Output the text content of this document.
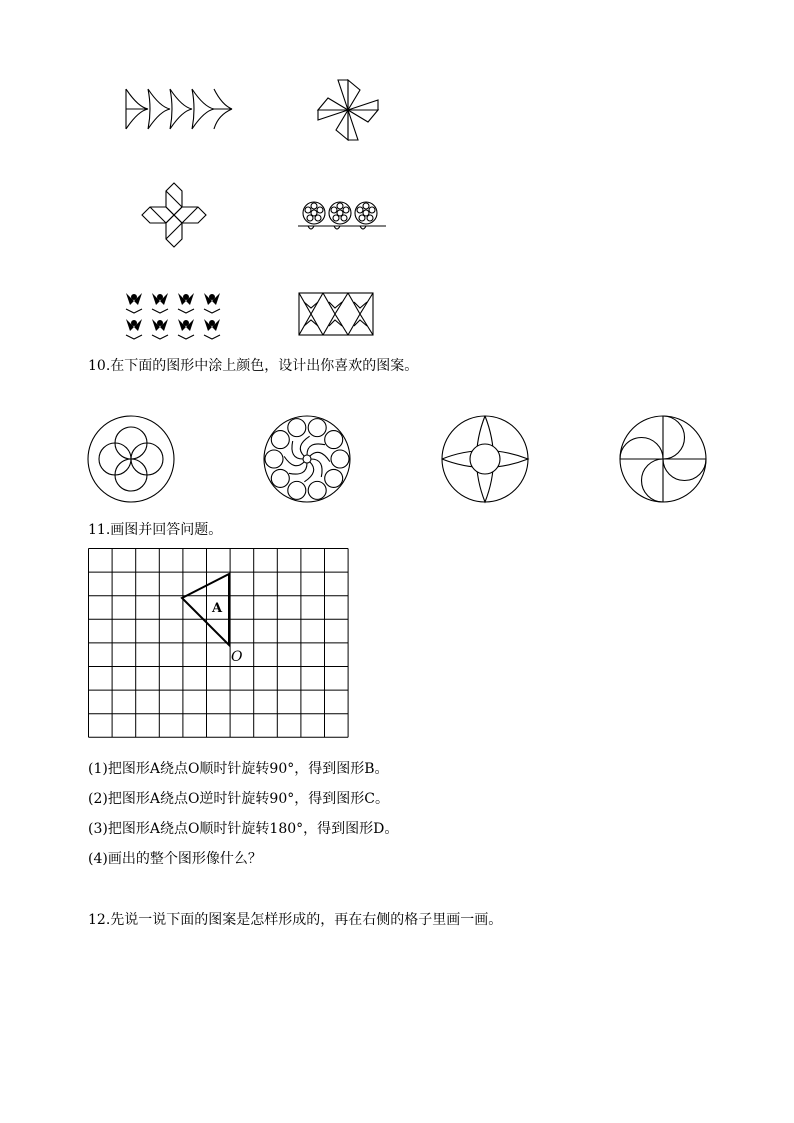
10.在下面的图形中涂上颜色，设计出你喜欢的图案。
11.画图并回答问题。
A
O
(1)把图形A绕点O顺时针旋转90°，得到图形B。
(2)把图形A绕点O逆时针旋转90°，得到图形C。
(3)把图形A绕点O顺时针旋转180°，得到图形D。
(4)画出的整个图形像什么？
12.先说一说下面的图案是怎样形成的，再在右侧的格子里画一画。
